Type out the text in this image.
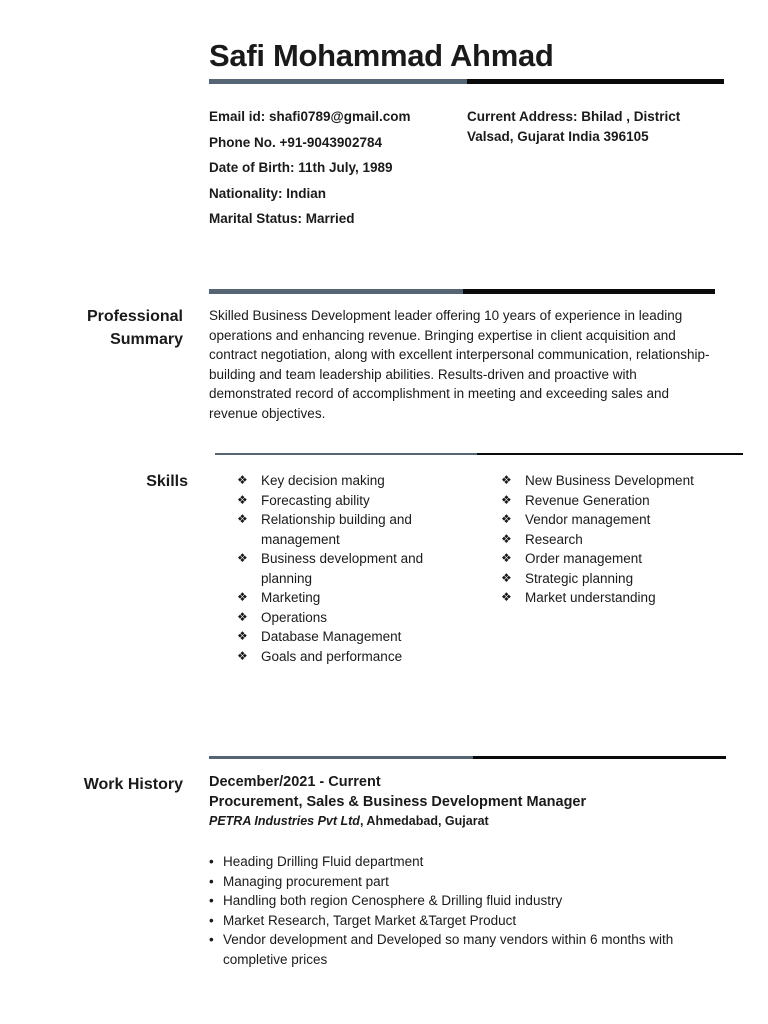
Safi Mohammad Ahmad
Email id: shafi0789@gmail.com
Phone No. +91-9043902784
Date of Birth: 11th July, 1989
Nationality: Indian
Marital Status: Married
Current Address: Bhilad , District Valsad, Gujarat India 396105
Professional
Summary
Skilled Business Development leader offering 10 years of experience in leading operations and enhancing revenue. Bringing expertise in client acquisition and contract negotiation, along with excellent interpersonal communication, relationship-building and team leadership abilities. Results-driven and proactive with demonstrated record of accomplishment in meeting and exceeding sales and revenue objectives.
Skills	❖ Key decision making
❖ Forecasting ability
❖ Relationship building and management
❖ Business development and planning
❖ Marketing
❖ Operations
❖ Database Management
❖ Goals and performance
❖ New Business Development
❖ Revenue Generation
❖ Vendor management
❖ Research
❖ Order management
❖ Strategic planning
❖ Market understanding
Work History December/2021 - Current
Procurement, Sales & Business Development Manager
PETRA Industries Pvt Ltd, Ahmedabad, Gujarat
• Heading Drilling Fluid department
• Managing procurement part
• Handling both region Cenosphere & Drilling fluid industry
• Market Research, Target Market &Target Product
• Vendor development and Developed so many vendors within 6 months with completive prices
